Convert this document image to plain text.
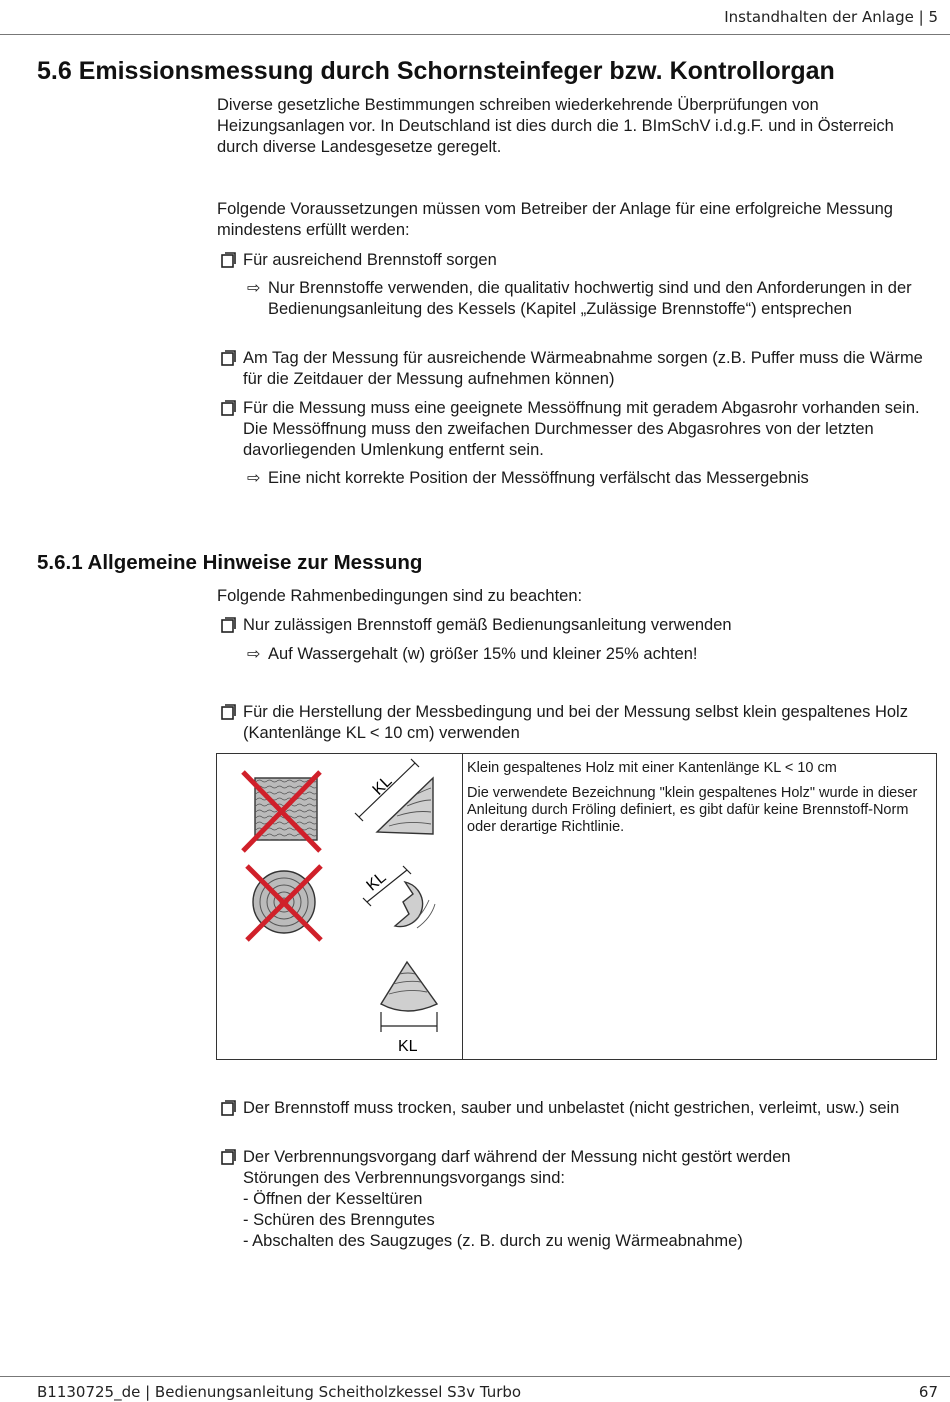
Instandhalten der Anlage | 5
5.6 Emissionsmessung durch Schornsteinfeger bzw. Kontrollorgan
Diverse gesetzliche Bestimmungen schreiben wiederkehrende Überprüfungen von Heizungsanlagen vor. In Deutschland ist dies durch die 1. BImSchV i.d.g.F. und in Österreich durch diverse Landesgesetze geregelt.
Folgende Voraussetzungen müssen vom Betreiber der Anlage für eine erfolgreiche Messung mindestens erfüllt werden:
Für ausreichend Brennstoff sorgen
⇨ Nur Brennstoffe verwenden, die qualitativ hochwertig sind und den Anforderungen in der Bedienungsanleitung des Kessels (Kapitel „Zulässige Brennstoffe“) entsprechen
Am Tag der Messung für ausreichende Wärmeabnahme sorgen (z.B. Puffer muss die Wärme für die Zeitdauer der Messung aufnehmen können)
Für die Messung muss eine geeignete Messöffnung mit geradem Abgasrohr vorhanden sein. Die Messöffnung muss den zweifachen Durchmesser des Abgasrohres von der letzten davorliegenden Umlenkung entfernt sein.
⇨ Eine nicht korrekte Position der Messöffnung verfälscht das Messergebnis
5.6.1 Allgemeine Hinweise zur Messung
Folgende Rahmenbedingungen sind zu beachten:
Nur zulässigen Brennstoff gemäß Bedienungsanleitung verwenden
⇨ Auf Wassergehalt (w) größer 15% und kleiner 25% achten!
Für die Herstellung der Messbedingung und bei der Messung selbst klein gespaltenes Holz (Kantenlänge KL < 10 cm) verwenden
KL
KL
KL

Klein gespaltenes Holz mit einer Kantenlänge KL < 10 cm

Die verwendete Bezeichnung "klein gespaltenes Holz" wurde in dieser Anleitung durch Fröling definiert, es gibt dafür keine Brennstoff-Norm oder derartige Richtlinie.

Der Brennstoff muss trocken, sauber und unbelastet (nicht gestrichen, verleimt, usw.) sein
Der Verbrennungsvorgang darf während der Messung nicht gestört werden
Störungen des Verbrennungsvorgangs sind:
- Öffnen der Kesseltüren
- Schüren des Brenngutes
- Abschalten des Saugzuges (z. B. durch zu wenig Wärmeabnahme)
B1130725_de | Bedienungsanleitung Scheitholzkessel S3v Turbo	67
